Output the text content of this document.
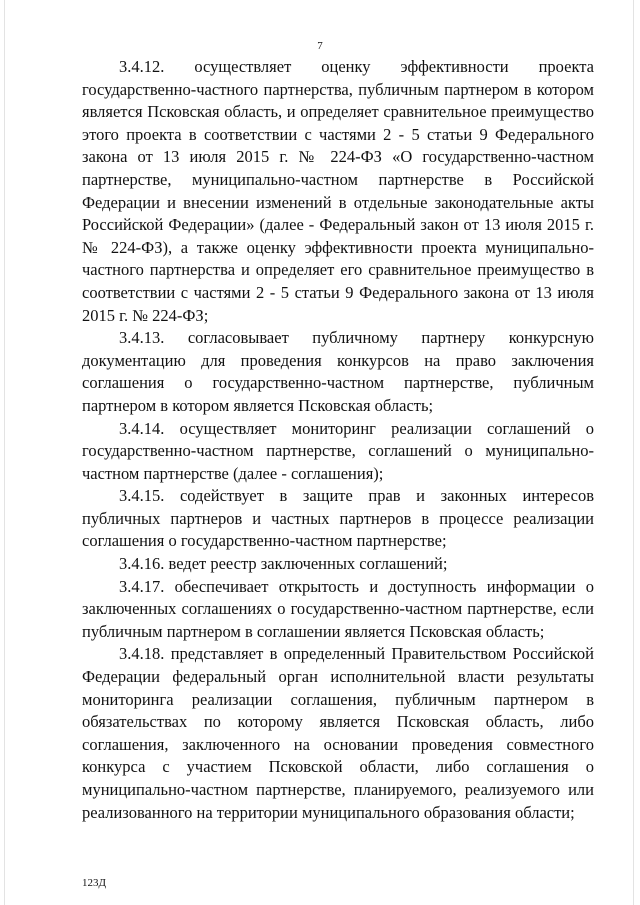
7

3.4.12. осуществляет оценку эффективности проекта государственно-частного партнерства, публичным партнером в котором является Псковская область, и определяет сравнительное преимущество этого проекта в соответствии с частями 2 - 5 статьи 9 Федерального закона от 13 июля 2015 г. № 224-ФЗ «О государственно-частном партнерстве, муниципально-частном партнерстве в Российской Федерации и внесении изменений в отдельные законодательные акты Российской Федерации» (далее - Федеральный закон от 13 июля 2015 г. № 224-ФЗ), а также оценку эффективности проекта муниципально-частного партнерства и определяет его сравнительное преимущество в соответствии с частями 2 - 5 статьи 9 Федерального закона от 13 июля 2015 г. № 224-ФЗ;

3.4.13. согласовывает публичному партнеру конкурсную документацию для проведения конкурсов на право заключения соглашения о государственно-частном партнерстве, публичным партнером в котором является Псковская область;

3.4.14. осуществляет мониторинг реализации соглашений о государственно-частном партнерстве, соглашений о муниципально-частном партнерстве (далее - соглашения);

3.4.15. содействует в защите прав и законных интересов публичных партнеров и частных партнеров в процессе реализации соглашения о государственно-частном партнерстве;

3.4.16. ведет реестр заключенных соглашений;

3.4.17. обеспечивает открытость и доступность информации о заключенных соглашениях о государственно-частном партнерстве, если публичным партнером в соглашении является Псковская область;

3.4.18. представляет в определенный Правительством Российской Федерации федеральный орган исполнительной власти результаты мониторинга реализации соглашения, публичным партнером в обязательствах по которому является Псковская область, либо соглашения, заключенного на основании проведения совместного конкурса с участием Псковской области, либо соглашения о муниципально-частном партнерстве, планируемого, реализуемого или реализованного на территории муниципального образования области;

123Д
